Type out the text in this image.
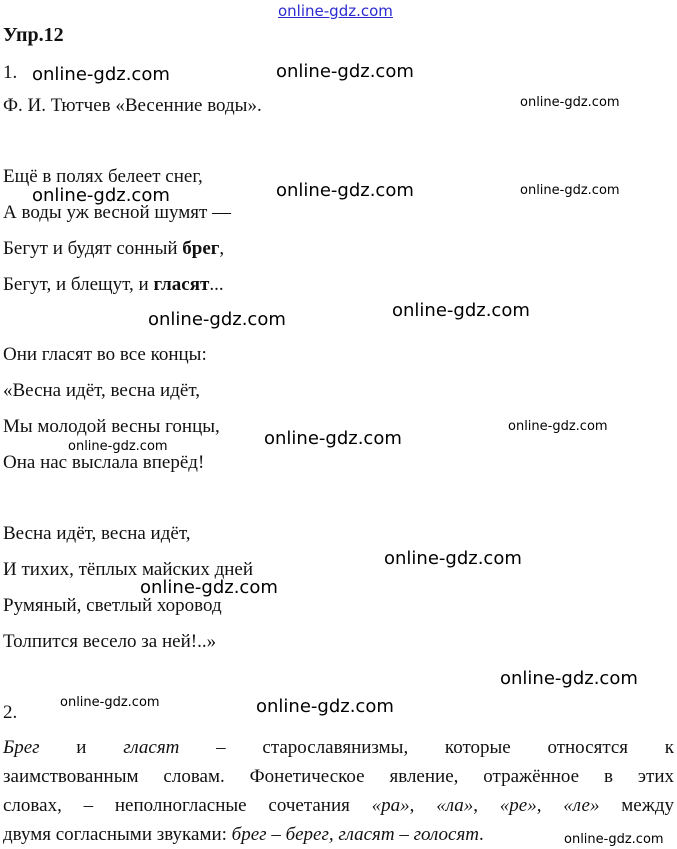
online-gdz.com
Упр.12
1.
Ф. И. Тютчев «Весенние воды».
Ещё в полях белеет снег,
А воды уж весной шумят —
Бегут и будят сонный брег,
Бегут, и блещут, и гласят...
Они гласят во все концы:
«Весна идёт, весна идёт,
Мы молодой весны гонцы,
Она нас выслала вперёд!
Весна идёт, весна идёт,
И тихих, тёплых майских дней
Румяный, светлый хоровод
Толпится весело за ней!..»
2.
Брег и гласят – старославянизмы, которые относятся к
заимствованным словам. Фонетическое явление, отражённое в этих
словах, – неполногласные сочетания «ра», «ла», «ре», «ле» между
двумя согласными звуками: брег – берег, гласят – голосят.
online-gdz.com	online-gdz.com
online-gdz.com
online-gdz.com	online-gdz.com	online-gdz.com
online-gdz.com	online-gdz.com
online-gdz.com
online-gdz.com
online-gdz.com
online-gdz.com
online-gdz.com
online-gdz.com
online-gdz.com	online-gdz.com
online-gdz.com
